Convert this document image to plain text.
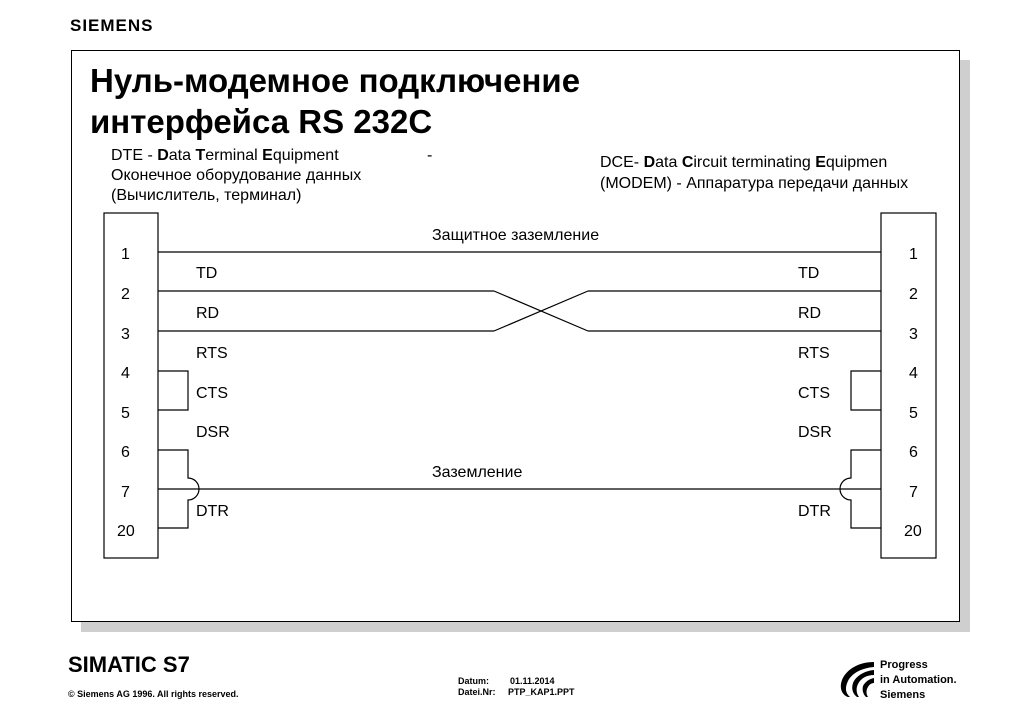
SIEMENS
Нуль-модемное подключение
интерфейса RS 232C
DTE - Data Terminal Equipment	-
Оконечное оборудование данных
(Вычислитель, терминал)
DCE- Data Circuit terminating Equipmen
(MODEM) - Аппаратура передачи данных
Защитное заземление
Заземление
1
2
3
4
5
6
7
20
1
2
3
4
5
6
7
20
TD
RD
RTS
CTS
DSR
DTR
TD
RD
RTS
CTS
DSR
DTR
SIMATIC S7
© Siemens AG 1996. All rights reserved.
Datum: 01.11.2014
Datei.Nr: PTP_KAP1.PPT
Progress
in Automation.
Siemens
